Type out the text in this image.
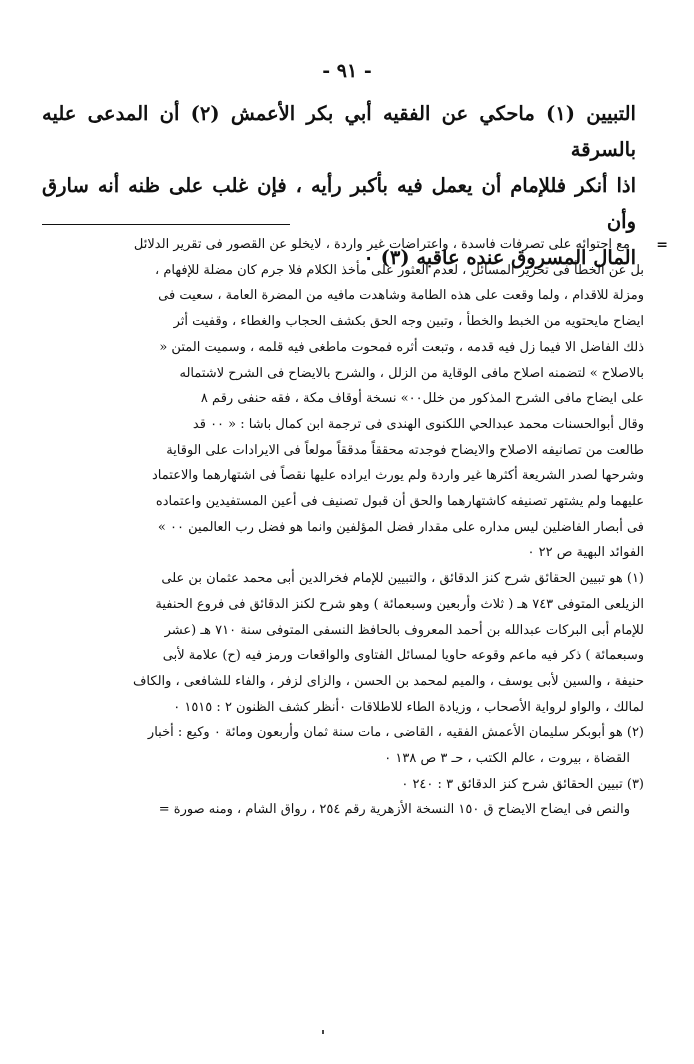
- ٩١ -

التبيين (١) ماحكي عن الفقيه أبي بكر الأعمش (٢) أن المدعى عليه بالسرقة

اذا أنكر فللإمام أن يعمل فيه بأكبر رأيه ، فإن غلب على ظنه أنه سارق وأن

المال المسروق عنده عاقبه (٣) ٠

=
مع احتوائه على تصرفات فاسدة ، واعتراضات غير واردة ، لايخلو عن القصور فى تقرير الدلائل
بل عن الخطأ فى تحرير المسائل ، لعدم العثور على مأخذ الكلام فلا جرم كان مضلة للإفهام ،
ومزلة للاقدام ، ولما وقعت على هذه الطامة وشاهدت مافيه من المضرة العامة ، سعيت فى
ايضاح مايحتويه من الخبط والخطأ ، وتبين وجه الحق بكشف الحجاب والغطاء ، وقفيت أثر
ذلك الفاضل الا فيما زل فيه قدمه ، وتبعت أثره فمحوت ماطغى فيه قلمه ، وسميت المتن «
بالاصلاح » لتضمنه اصلاح مافى الوقاية من الزلل ، والشرح بالايضاح فى الشرح لاشتماله
على ايضاح مافى الشرح المذكور من خلل٠٠» نسخة أوقاف مكة ، فقه حنفى رقم ٨
وقال أبوالحسنات محمد عبدالحي اللكنوى الهندى فى ترجمة ابن كمال باشا : « ٠٠ قد
طالعت من تصانيفه الاصلاح والايضاح فوجدته محققاً مدققاً مولعاً فى الايرادات على الوقاية
وشرحها لصدر الشريعة أكثرها غير واردة ولم يورث ايراده عليها نقصاً فى اشتهارهما والاعتماد
عليهما ولم يشتهر تصنيفه كاشتهارهما والحق أن قبول تصنيف فى أعين المستفيدين واعتماده
فى أبصار الفاضلين ليس مداره على مقدار فضل المؤلفين وانما هو فضل رب العالمين ٠٠ »
الفوائد البهية ص ٢٢ ٠
(١) هو تبيين الحقائق شرح كنز الدقائق ، والتبيين للإمام فخرالدين أبى محمد عثمان بن على
الزيلعى المتوفى ٧٤٣ هـ ( ثلاث وأربعين وسبعمائة ) وهو شرح لكنز الدقائق فى فروع الحنفية
للإمام أبى البركات عبدالله بن أحمد المعروف بالحافظ النسفى المتوفى سنة ٧١٠ هـ (عشر
وسبعمائة ) ذكر فيه ماعم وقوعه حاويا لمسائل الفتاوى والواقعات ورمز فيه (ح) علامة لأبى
حنيفة ، والسين لأبى يوسف ، والميم لمحمد بن الحسن ، والزاى لزفر ، والفاء للشافعى ، والكاف
لمالك ، والواو لرواية الأصحاب ، وزيادة الطاء للاطلاقات ٠أنظر كشف الظنون ٢ : ١٥١٥ ٠
(٢) هو أبوبكر سليمان الأعمش الفقيه ، القاضى ، مات سنة ثمان وأربعون ومائة ٠ وكيع : أخبار
القضاة ، بيروت ، عالم الكتب ، حـ ٣ ص ١٣٨ ٠
(٣) تبيين الحقائق شرح كنز الدقائق ٣ : ٢٤٠ ٠
والنص فى ايضاح الايضاح ق ١٥٠ النسخة الأزهرية رقم ٢٥٤ ، رواق الشام ، ومنه صورة =
